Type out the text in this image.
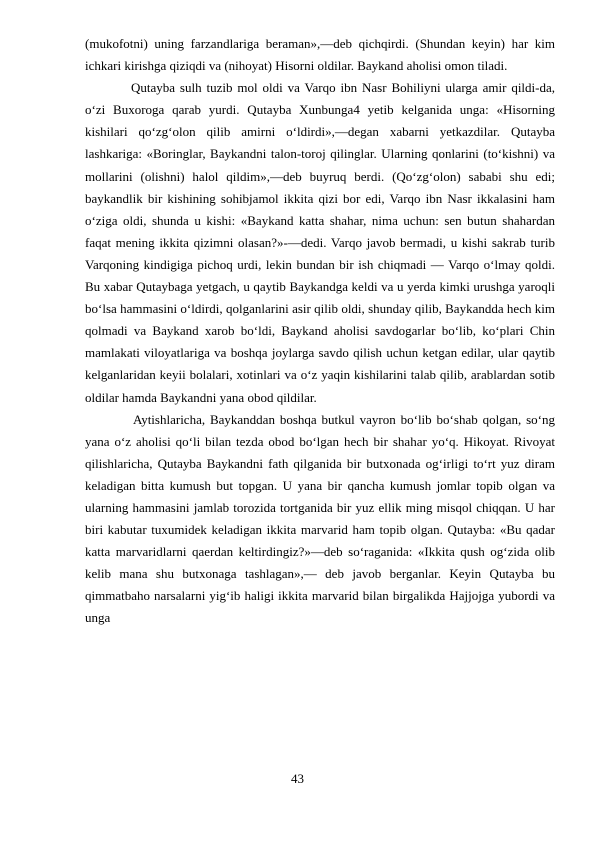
(mukofotni) uning farzandlariga beraman»,—deb qichqirdi. (Shundan keyin) har kim ichkari kirishga qiziqdi va (nihoyat) Hisorni oldilar. Baykand aholisi omon tiladi.

Qutayba sulh tuzib mol oldi va Varqo ibn Nasr Bohiliyni ularga amir qildi-da, o‘zi Buxoroga qarab yurdi. Qutayba Xunbunga4 yetib kelganida unga: «Hisorning kishilari qo‘zg‘olon qilib amirni o‘ldirdi»,—degan xabarni yetkazdilar. Qutayba lashkariga: «Boringlar, Baykandni talon-toroj qilinglar. Ularning qonlarini (to‘kishni) va mollarini (olishni) halol qildim»,—deb buyruq berdi. (Qo‘zg‘olon) sababi shu edi; baykandlik bir kishining sohibjamol ikkita qizi bor edi, Varqo ibn Nasr ikkalasini ham o‘ziga oldi, shunda u kishi: «Baykand katta shahar, nima uchun: sen butun shahardan faqat mening ikkita qizimni olasan?»-—dedi. Varqo javob bermadi, u kishi sakrab turib Varqoning kindigiga pichoq urdi, lekin bundan bir ish chiqmadi — Varqo o‘lmay qoldi. Bu xabar Qutaybaga yetgach, u qaytib Baykandga keldi va u yerda kimki urushga yaroqli bo‘lsa hammasini o‘ldirdi, qolganlarini asir qilib oldi, shunday qilib, Baykandda hech kim qolmadi va Baykand xarob bo‘ldi, Baykand aholisi savdogarlar bo‘lib, ko‘plari Chin mamlakati viloyatlariga va boshqa joylarga savdo qilish uchun ketgan edilar, ular qaytib kelganlaridan keyii bolalari, xotinlari va o‘z yaqin kishilarini talab qilib, arablardan sotib oldilar hamda Baykandni yana obod qildilar.

Aytishlaricha, Baykanddan boshqa butkul vayron bo‘lib bo‘shab qolgan, so‘ng yana o‘z aholisi qo‘li bilan tezda obod bo‘lgan hech bir shahar yo‘q. Hikoyat. Rivoyat qilishlaricha, Qutayba Baykandni fath qilganida bir butxonada og‘irligi to‘rt yuz diram keladigan bitta kumush but topgan. U yana bir qancha kumush jomlar topib olgan va ularning hammasini jamlab torozida tortganida bir yuz ellik ming misqol chiqqan. U har biri kabutar tuxumidek keladigan ikkita marvarid ham topib olgan. Qutayba: «Bu qadar katta marvaridlarni qaerdan keltirdingiz?»—deb so‘raganida: «Ikkita qush og‘zida olib kelib mana shu butxonaga tashlagan»,— deb javob berganlar. Keyin Qutayba bu qimmatbaho narsalarni yig‘ib haligi ikkita marvarid bilan birgalikda Hajjojga yubordi va unga

43
